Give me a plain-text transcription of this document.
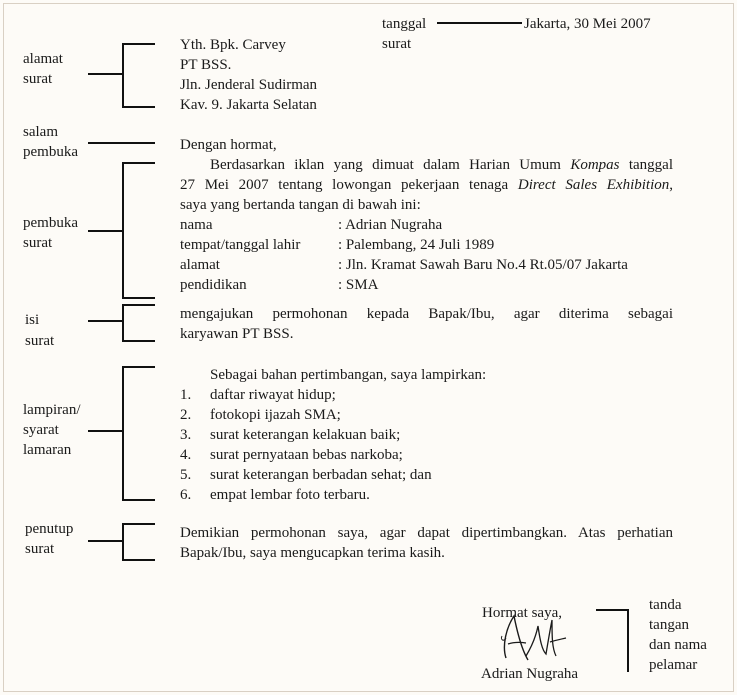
tanggal
surat
alamat
surat
salam
pembuka
pembuka
surat
isi
surat
lampiran/
syarat
lamaran
penutup
surat
tanda
tangan
dan nama
pelamar
Jakarta, 30 Mei 2007
Yth. Bpk. Carvey
PT BSS.
Jln. Jenderal Sudirman
Kav. 9. Jakarta Selatan
Dengan hormat,
Berdasarkan iklan yang dimuat dalam Harian Umum Kompas tanggal
27 Mei 2007 tentang lowongan pekerjaan tenaga Direct Sales Exhibition,
saya yang bertanda tangan di bawah ini:
nama	: Adrian Nugraha
tempat/tanggal lahir	: Palembang, 24 Juli 1989
alamat	: Jln. Kramat Sawah Baru No.4 Rt.05/07 Jakarta
pendidikan	: SMA
mengajukan permohonan kepada Bapak/Ibu, agar diterima sebagai
karyawan PT BSS.
Sebagai bahan pertimbangan, saya lampirkan:
1. daftar riwayat hidup;
2. fotokopi ijazah SMA;
3. surat keterangan kelakuan baik;
4. surat pernyataan bebas narkoba;
5. surat keterangan berbadan sehat; dan
6. empat lembar foto terbaru.
Demikian permohonan saya, agar dapat dipertimbangkan. Atas perhatian
Bapak/Ibu, saya mengucapkan terima kasih.
Hormat saya,
Adrian Nugraha
